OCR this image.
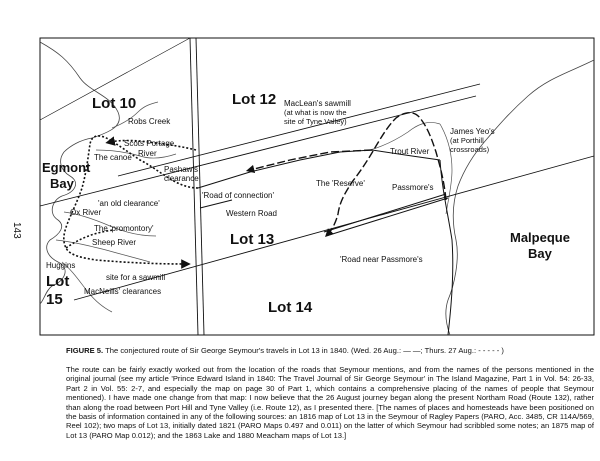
143
Lot 10	Lot 12
Lot 13
Lot 14
Lot
15
Egmont
Bay
Malpeque
Bay
Robs Creek
The canoe
Scots Portage
River
Pashaw's
clearance
'an old clearance'
Ox River
The 'promontory'
Sheep River
Huggins
site for a sawmill
MacNeills' clearances
Western Road
'Road of connection'
MacLean's sawmill
(at what is now the
site of Tyne Valley)
Trout River
The 'Reserve'
James Yeo's
(at Porthill
crossroads)
Passmore's
'Road near Passmore's

FIGURE 5. The conjectured route of Sir George Seymour's travels in Lot 13 in 1840. (Wed. 26 Aug.: — —; Thurs. 27 Aug.: - - - - - )

The route can be fairly exactly worked out from the location of the roads that Seymour mentions, and from the names of the persons mentioned in the original journal (see my article 'Prince Edward Island in 1840: The Travel Journal of Sir George Seymour' in The Island Magazine, Part 1 in Vol. 54: 26-33, Part 2 in Vol. 55: 2-7, and especially the map on page 30 of Part 1, which contains a comprehensive placing of the names of people that Seymour mentioned). I have made one change from that map: I now believe that the 26 August journey began along the present Northam Road (Route 132), rather than along the road between Port Hill and Tyne Valley (i.e. Route 12), as I presented there. [The names of places and homesteads have been positioned on the basis of information contained in any of the following sources: an 1816 map of Lot 13 in the Seymour of Ragley Papers (PARO, Acc. 3485, CR 114A/569, Reel 102); two maps of Lot 13, initially dated 1821 (PARO Maps 0.497 and 0.011) on the latter of which Seymour had scribbled some notes; an 1875 map of Lot 13 (PARO Map 0.012); and the 1863 Lake and 1880 Meacham maps of Lot 13.]
